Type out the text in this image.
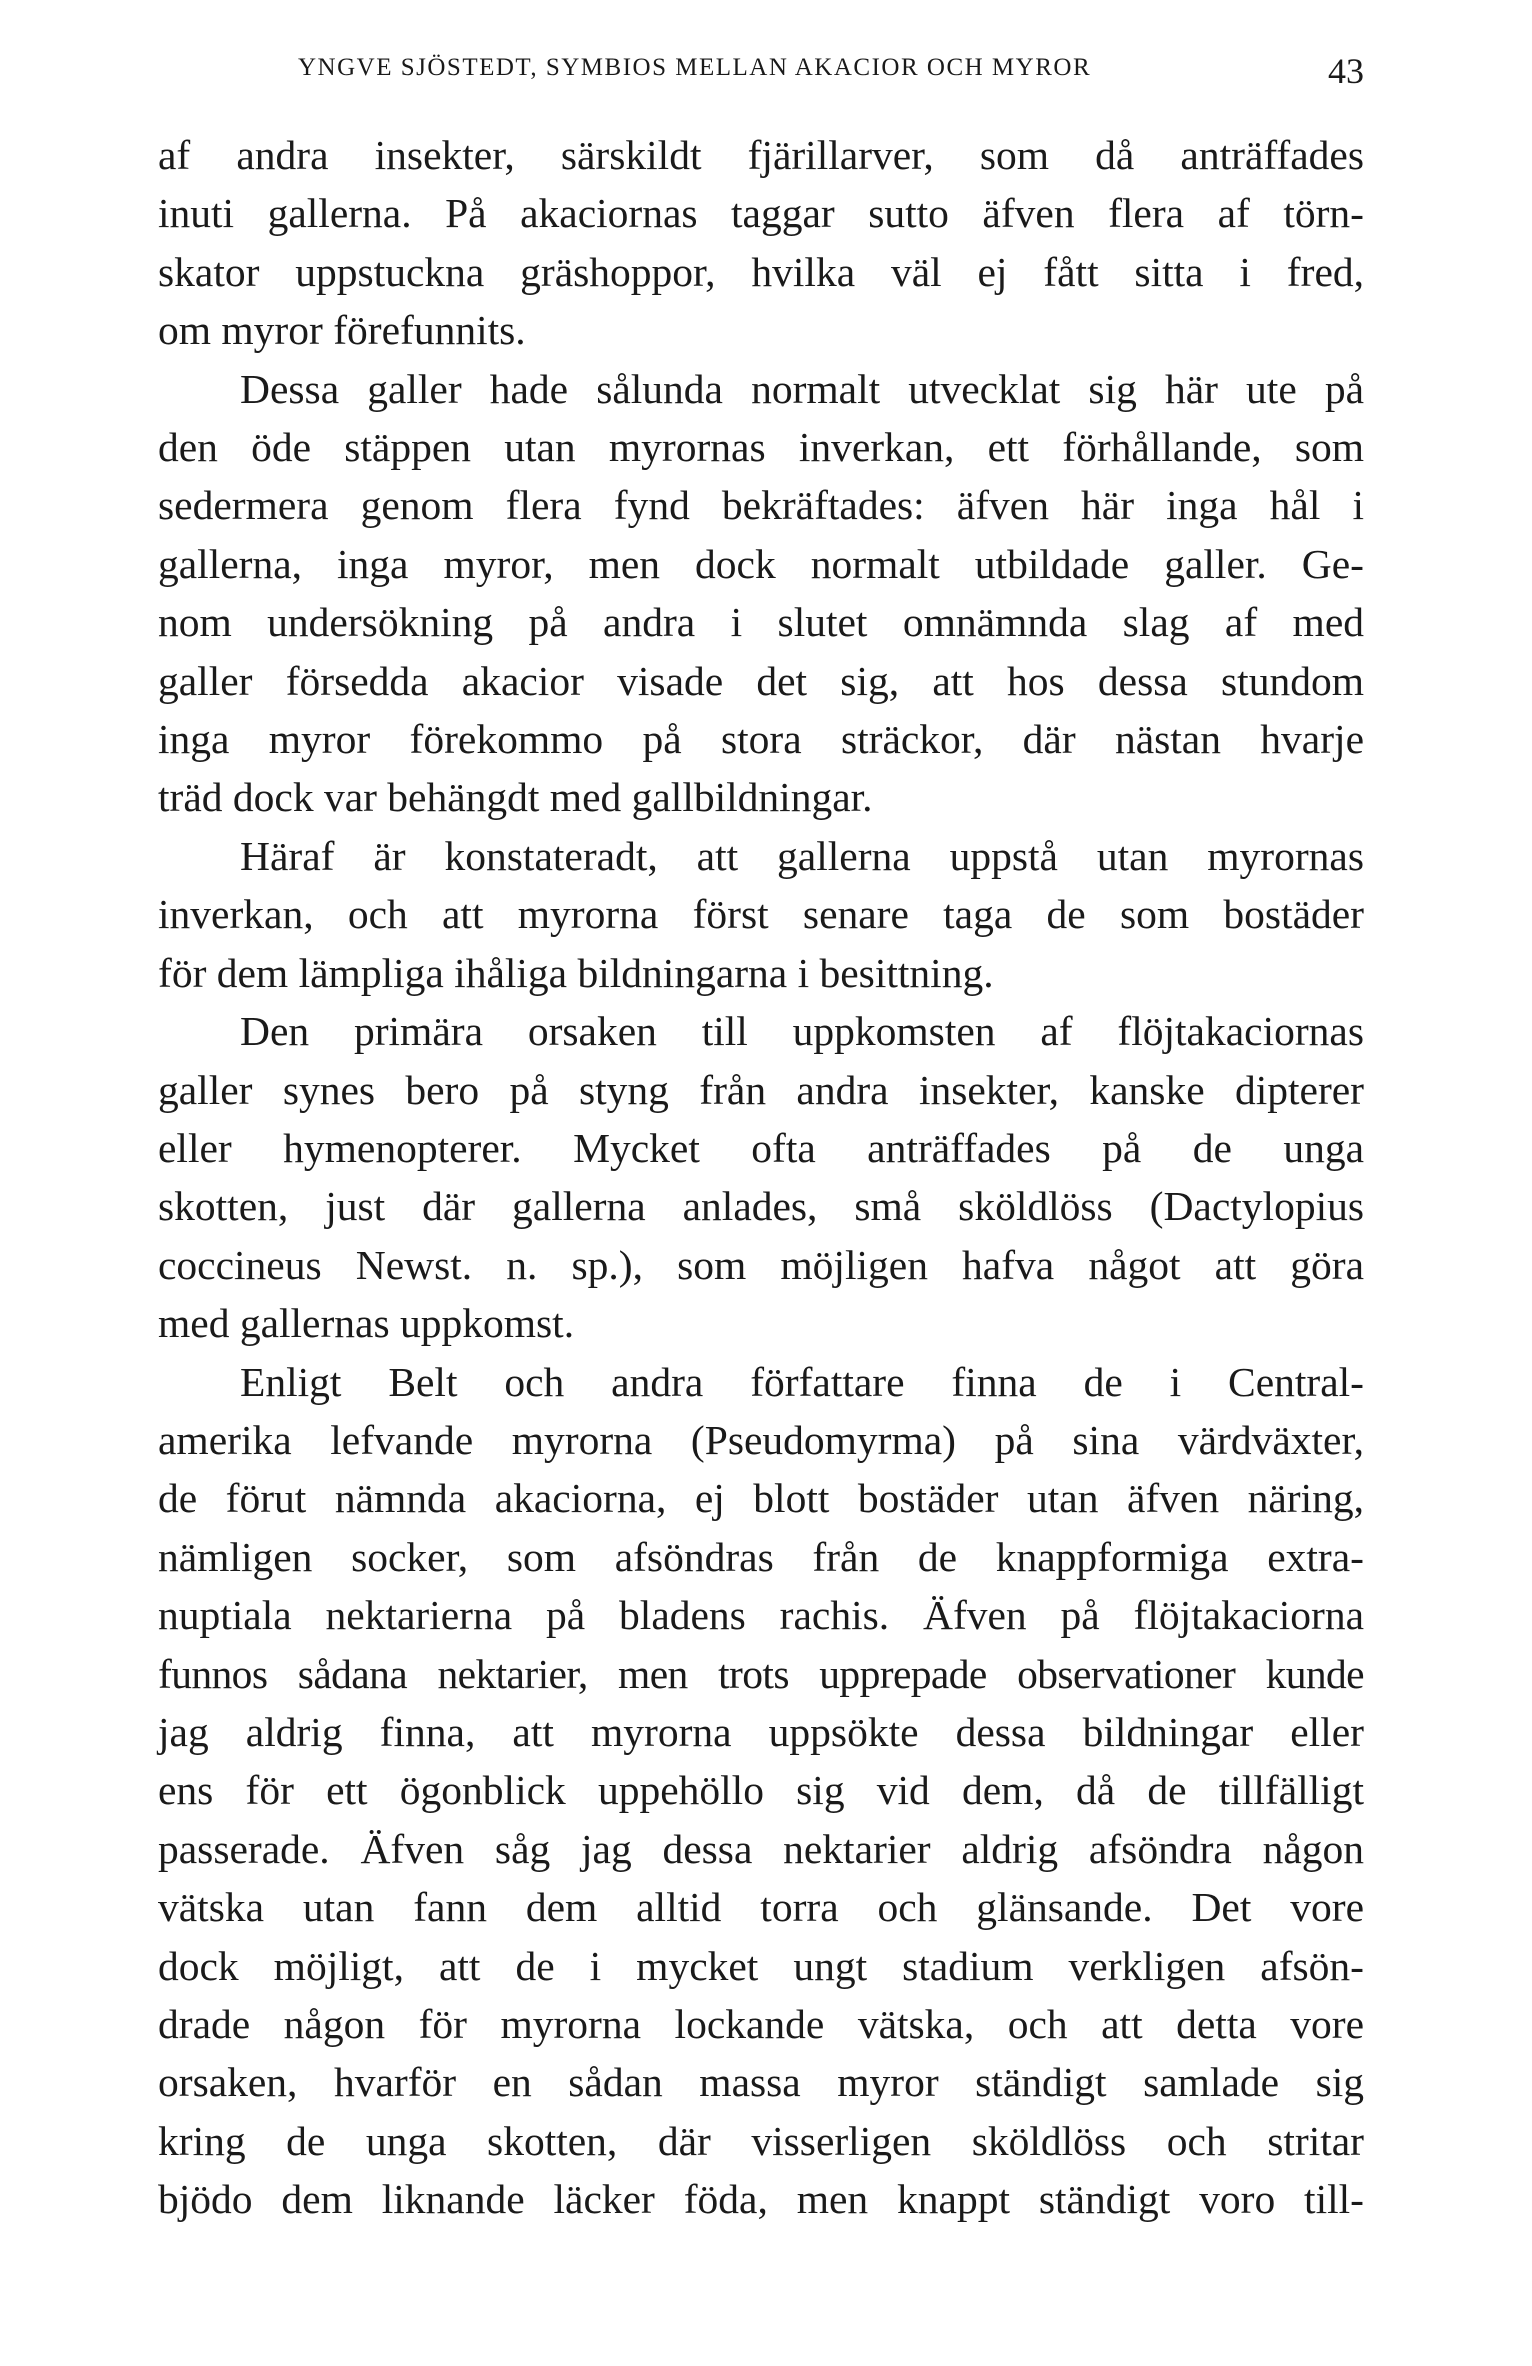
YNGVE SJÖSTEDT, SYMBIOS MELLAN AKACIOR OCH MYROR	43

af andra insekter, särskildt fjärillarver, som då anträffades
inuti gallerna. På akaciornas taggar sutto äfven flera af törn-
skator uppstuckna gräshoppor, hvilka väl ej fått sitta i fred,
om myror förefunnits.

Dessa galler hade sålunda normalt utvecklat sig här ute på
den öde stäppen utan myrornas inverkan, ett förhållande, som
sedermera genom flera fynd bekräftades: äfven här inga hål i
gallerna, inga myror, men dock normalt utbildade galler. Ge-
nom undersökning på andra i slutet omnämnda slag af med
galler försedda akacior visade det sig, att hos dessa stundom
inga myror förekommo på stora sträckor, där nästan hvarje
träd dock var behängdt med gallbildningar.

Häraf är konstateradt, att gallerna uppstå utan myrornas
inverkan, och att myrorna först senare taga de som bostäder
för dem lämpliga ihåliga bildningarna i besittning.

Den primära orsaken till uppkomsten af flöjtakaciornas
galler synes bero på styng från andra insekter, kanske dipterer
eller hymenopterer. Mycket ofta anträffades på de unga
skotten, just där gallerna anlades, små sköldlöss (Dactylopius
coccineus Newst. n. sp.), som möjligen hafva något att göra
med gallernas uppkomst.

Enligt Belt och andra författare finna de i Central-
amerika lefvande myrorna (Pseudomyrma) på sina värdväxter,
de förut nämnda akaciorna, ej blott bostäder utan äfven näring,
nämligen socker, som afsöndras från de knappformiga extra-
nuptiala nektarierna på bladens rachis. Äfven på flöjtakaciorna
funnos sådana nektarier, men trots upprepade observationer kunde
jag aldrig finna, att myrorna uppsökte dessa bildningar eller
ens för ett ögonblick uppehöllo sig vid dem, då de tillfälligt
passerade. Äfven såg jag dessa nektarier aldrig afsöndra någon
vätska utan fann dem alltid torra och glänsande. Det vore
dock möjligt, att de i mycket ungt stadium verkligen afsön-
drade någon för myrorna lockande vätska, och att detta vore
orsaken, hvarför en sådan massa myror ständigt samlade sig
kring de unga skotten, där visserligen sköldlöss och stritar
bjödo dem liknande läcker föda, men knappt ständigt voro till-
